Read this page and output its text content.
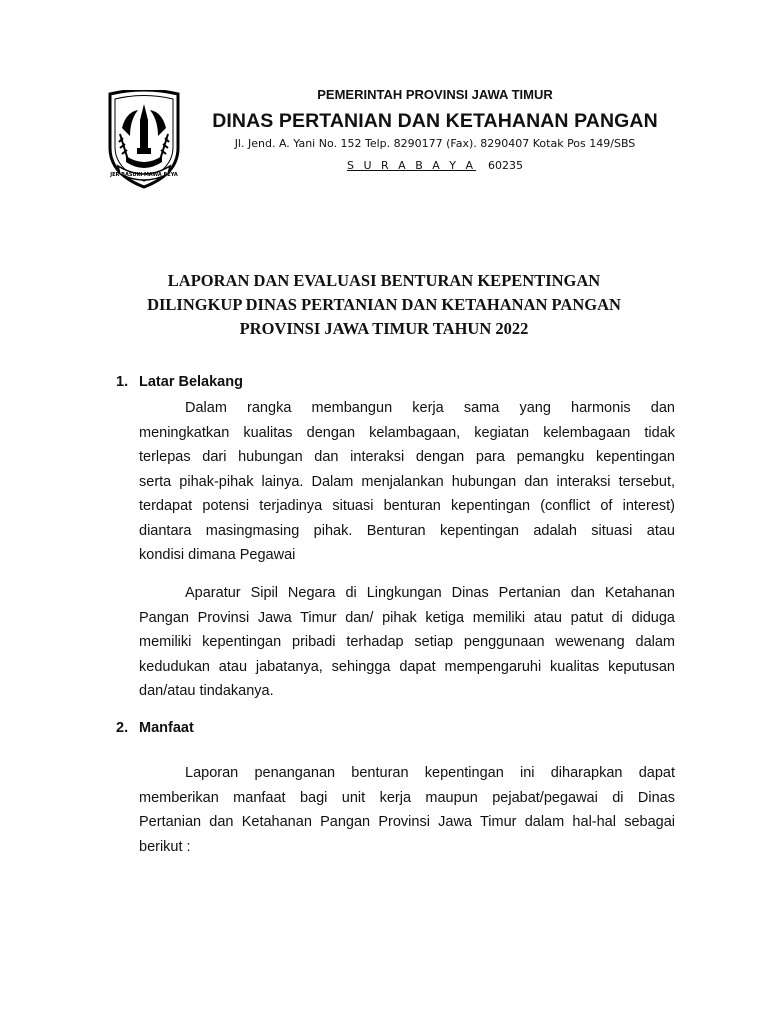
JER BASUKI MAWA BEYA
PEMERINTAH PROVINSI JAWA TIMUR
DINAS PERTANIAN DAN KETAHANAN PANGAN
Jl. Jend. A. Yani No. 152 Telp. 8290177 (Fax). 8290407 Kotak Pos 149/SBS
S U R A B A Y A 60235
LAPORAN DAN EVALUASI BENTURAN KEPENTINGAN
DILINGKUP DINAS PERTANIAN DAN KETAHANAN PANGAN
PROVINSI JAWA TIMUR TAHUN 2022
1. Latar Belakang
Dalam rangka membangun kerja sama yang harmonis dan
meningkatkan kualitas dengan kelambagaan, kegiatan kelembagaan tidak
terlepas dari hubungan dan interaksi dengan para pemangku kepentingan
serta pihak-pihak lainya. Dalam menjalankan hubungan dan interaksi tersebut,
terdapat potensi terjadinya situasi benturan kepentingan (conflict of interest)
diantara masingmasing pihak. Benturan kepentingan adalah situasi atau
kondisi dimana Pegawai
Aparatur Sipil Negara di Lingkungan Dinas Pertanian dan Ketahanan
Pangan Provinsi Jawa Timur dan/ pihak ketiga memiliki atau patut di diduga
memiliki kepentingan pribadi terhadap setiap penggunaan wewenang dalam
kedudukan atau jabatanya, sehingga dapat mempengaruhi kualitas keputusan
dan/atau tindakanya.
2. Manfaat
Laporan penanganan benturan kepentingan ini diharapkan dapat
memberikan manfaat bagi unit kerja maupun pejabat/pegawai di Dinas
Pertanian dan Ketahanan Pangan Provinsi Jawa Timur dalam hal-hal sebagai
berikut :
